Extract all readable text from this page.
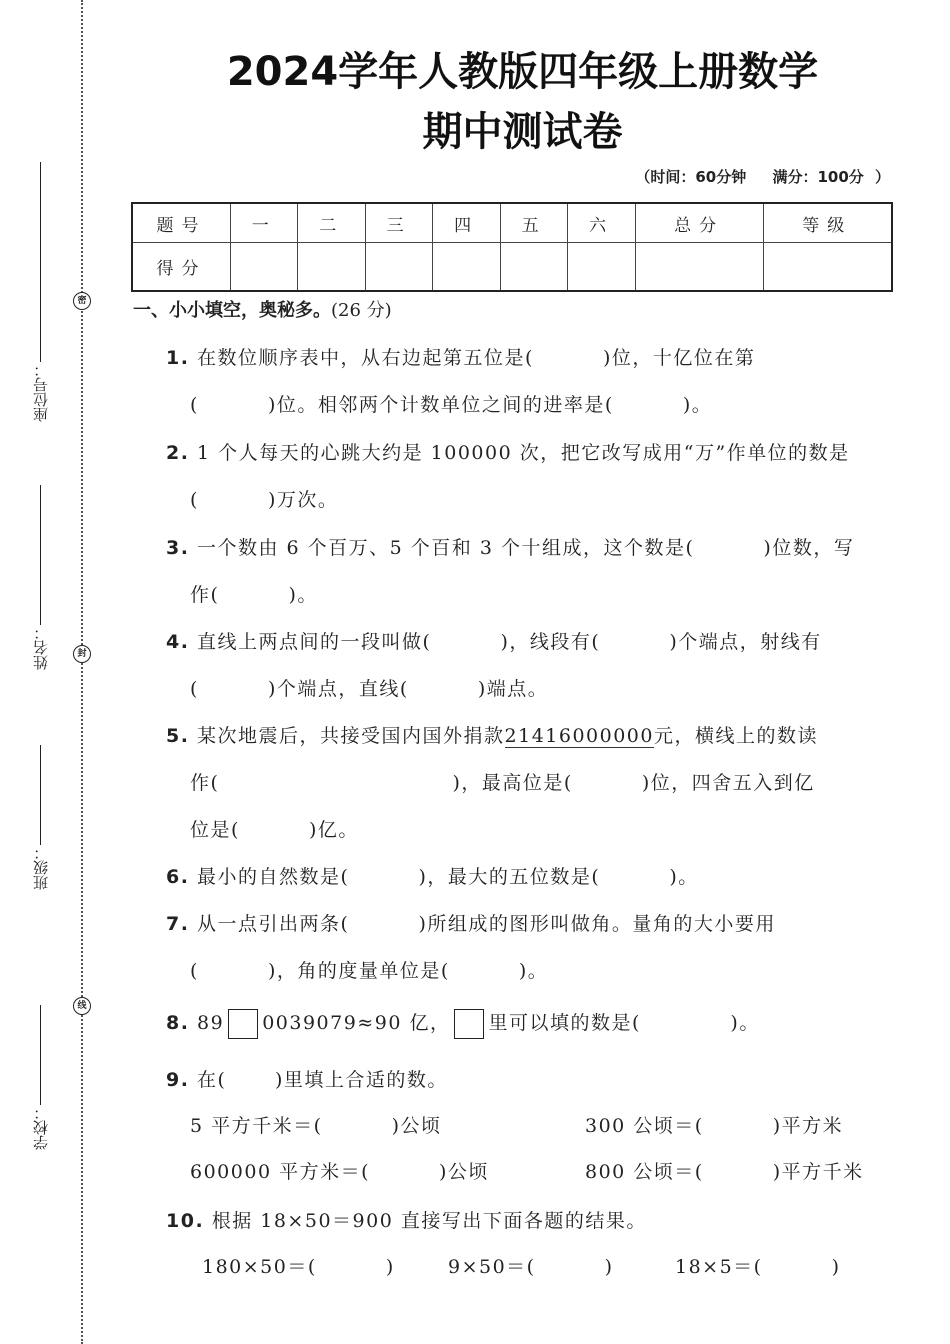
密
封
线
座位号：
姓名：
班级：
学校：
2024学年人教版四年级上册数学
期中测试卷
（时间：60分钟　 满分：100分 ）
题号	一	二	三	四	五	六	总分	等级
得分								
一、小小填空，奥秘多。(26 分)
1. 在数位顺序表中，从右边起第五位是(　　　 )位，十亿位在第
(　　　 )位。相邻两个计数单位之间的进率是(　　　 )。
2. 1 个人每天的心跳大约是 100000 次，把它改写成用“万”作单位的数是
(　　　 )万次。
3. 一个数由 6 个百万、5 个百和 3 个十组成，这个数是(　　　 )位数，写
作(　　　 )。
4. 直线上两点间的一段叫做(　　　 )，线段有(　　　 )个端点，射线有
(　　　 )个端点，直线(　　　 )端点。
5. 某次地震后，共接受国内国外捐款21416000000元，横线上的数读
作(　　　　　　　　　　　 )，最高位是(　　　 )位，四舍五入到亿
位是(　　　 )亿。
6. 最小的自然数是(　　　 )，最大的五位数是(　　　 )。
7. 从一点引出两条(　　　 )所组成的图形叫做角。量角的大小要用
(　　　 )，角的度量单位是(　　　 )。
8. 89 0039079≈90 亿， 里可以填的数是(　　　　 )。
9. 在(　　 )里填上合适的数。
5 平方千米＝(　　　 )公顷	300 公顷＝(　　　 )平方米
600000 平方米＝(　　　 )公顷	800 公顷＝(　　　 )平方千米
10. 根据 18×50＝900 直接写出下面各题的结果。
180×50＝(　　　 )	9×50＝(　　　 )	18×5＝(　　　 )
